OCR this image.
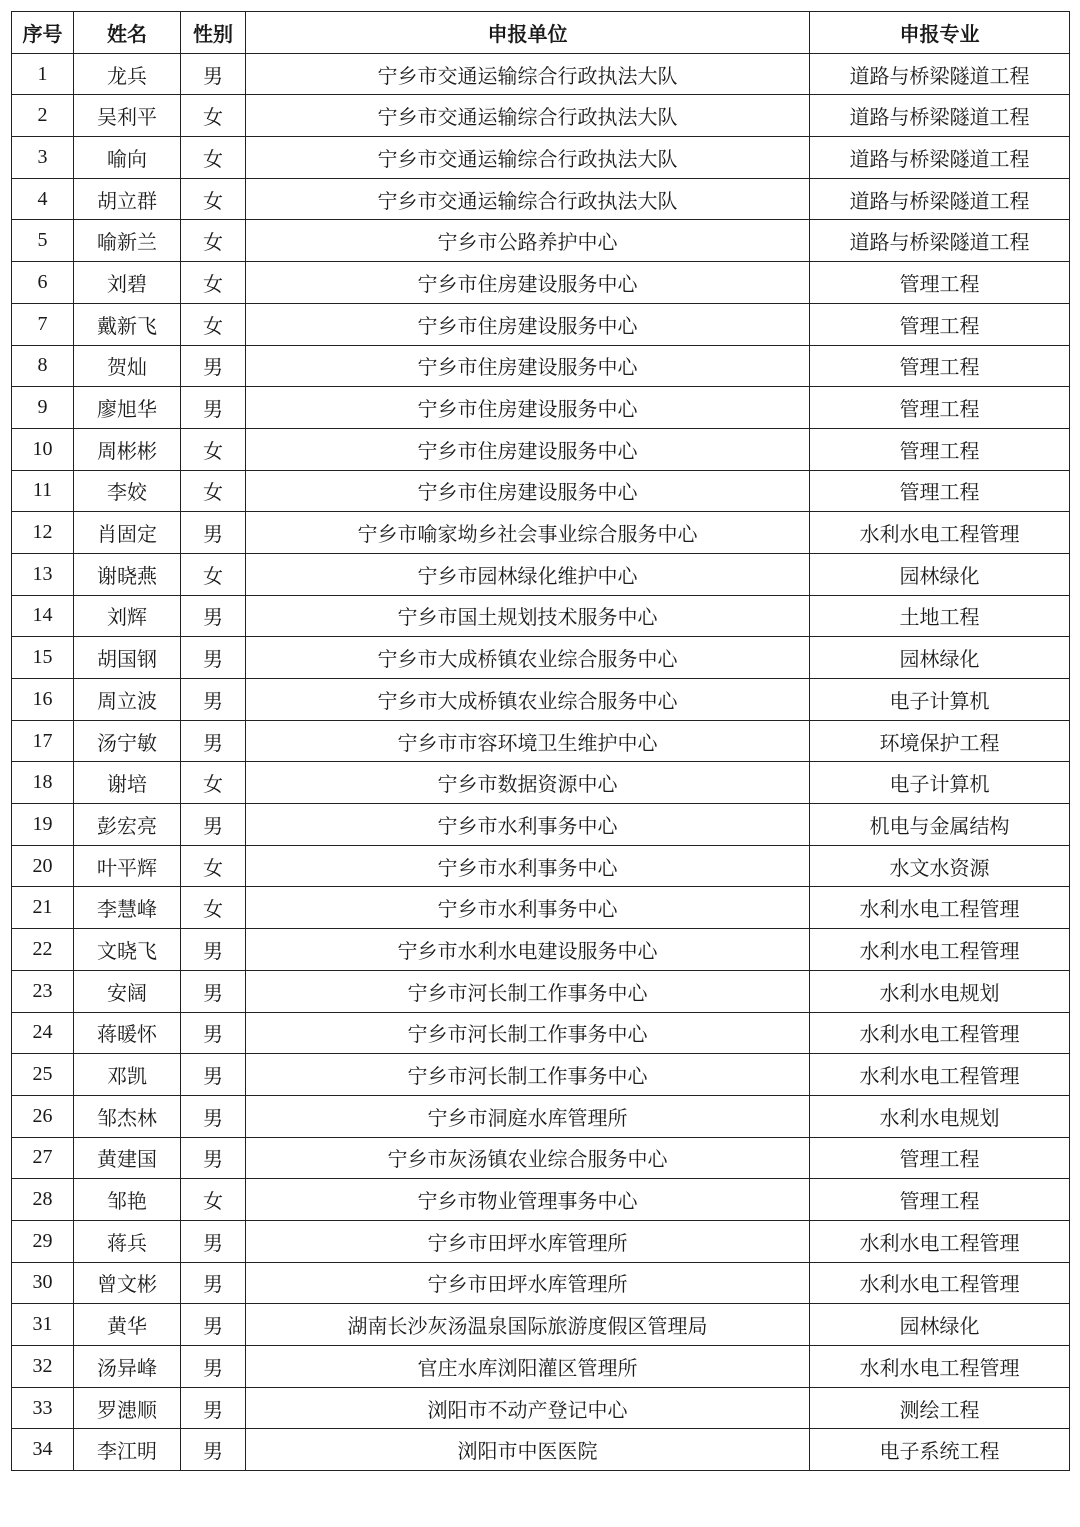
序号	姓名	性别	申报单位	申报专业
1	龙兵	男	宁乡市交通运输综合行政执法大队	道路与桥梁隧道工程
2	吴利平	女	宁乡市交通运输综合行政执法大队	道路与桥梁隧道工程
3	喻向	女	宁乡市交通运输综合行政执法大队	道路与桥梁隧道工程
4	胡立群	女	宁乡市交通运输综合行政执法大队	道路与桥梁隧道工程
5	喻新兰	女	宁乡市公路养护中心	道路与桥梁隧道工程
6	刘碧	女	宁乡市住房建设服务中心	管理工程
7	戴新飞	女	宁乡市住房建设服务中心	管理工程
8	贺灿	男	宁乡市住房建设服务中心	管理工程
9	廖旭华	男	宁乡市住房建设服务中心	管理工程
10	周彬彬	女	宁乡市住房建设服务中心	管理工程
11	李姣	女	宁乡市住房建设服务中心	管理工程
12	肖固定	男	宁乡市喻家坳乡社会事业综合服务中心	水利水电工程管理
13	谢晓燕	女	宁乡市园林绿化维护中心	园林绿化
14	刘辉	男	宁乡市国土规划技术服务中心	土地工程
15	胡国钢	男	宁乡市大成桥镇农业综合服务中心	园林绿化
16	周立波	男	宁乡市大成桥镇农业综合服务中心	电子计算机
17	汤宁敏	男	宁乡市市容环境卫生维护中心	环境保护工程
18	谢培	女	宁乡市数据资源中心	电子计算机
19	彭宏亮	男	宁乡市水利事务中心	机电与金属结构
20	叶平辉	女	宁乡市水利事务中心	水文水资源
21	李慧峰	女	宁乡市水利事务中心	水利水电工程管理
22	文晓飞	男	宁乡市水利水电建设服务中心	水利水电工程管理
23	安阔	男	宁乡市河长制工作事务中心	水利水电规划
24	蒋暖怀	男	宁乡市河长制工作事务中心	水利水电工程管理
25	邓凯	男	宁乡市河长制工作事务中心	水利水电工程管理
26	邹杰林	男	宁乡市洞庭水库管理所	水利水电规划
27	黄建国	男	宁乡市灰汤镇农业综合服务中心	管理工程
28	邹艳	女	宁乡市物业管理事务中心	管理工程
29	蒋兵	男	宁乡市田坪水库管理所	水利水电工程管理
30	曾文彬	男	宁乡市田坪水库管理所	水利水电工程管理
31	黄华	男	湖南长沙灰汤温泉国际旅游度假区管理局	园林绿化
32	汤异峰	男	官庄水库浏阳灌区管理所	水利水电工程管理
33	罗漶顺	男	浏阳市不动产登记中心	测绘工程
34	李江明	男	浏阳市中医医院	电子系统工程
